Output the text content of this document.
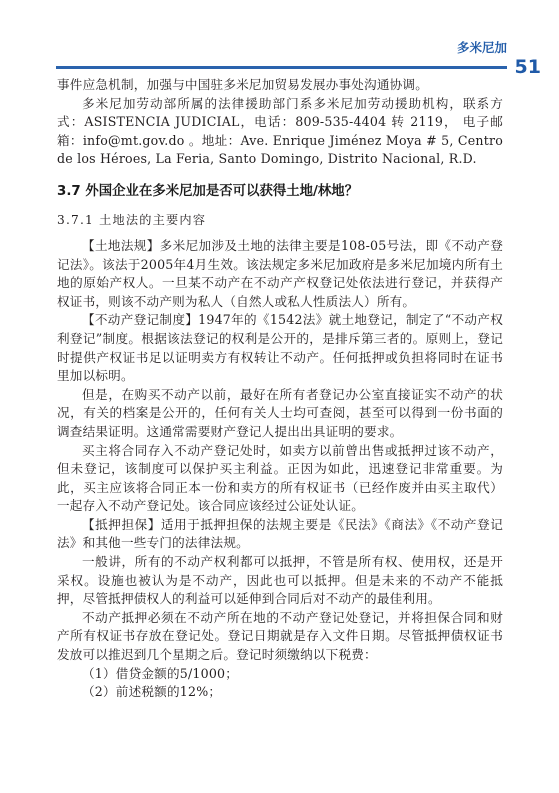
多米尼加
51

事件应急机制，加强与中国驻多米尼加贸易发展办事处沟通协调。

多米尼加劳动部所属的法律援助部门系多米尼加劳动援助机构，联系方式：ASISTENCIA JUDICIAL，电话：809-535-4404 转 2119， 电子邮箱：info@mt.gov.do 。地址：Ave. Enrique Jiménez Moya # 5, Centro de los Héroes, La Feria, Santo Domingo, Distrito Nacional, R.D.

3.7 外国企业在多米尼加是否可以获得土地/林地？
3.7.1 土地法的主要内容

【土地法规】多米尼加涉及土地的法律主要是108-05号法，即《不动产登记法》。该法于2005年4月生效。该法规定多米尼加政府是多米尼加境内所有土地的原始产权人。一旦某不动产在不动产产权登记处依法进行登记，并获得产权证书，则该不动产则为私人（自然人或私人性质法人）所有。

【不动产登记制度】1947年的《1542法》就土地登记，制定了“不动产权利登记”制度。根据该法登记的权利是公开的，是排斥第三者的。原则上，登记时提供产权证书足以证明卖方有权转让不动产。任何抵押或负担将同时在证书里加以标明。

但是，在购买不动产以前，最好在所有者登记办公室直接证实不动产的状况，有关的档案是公开的，任何有关人士均可查阅，甚至可以得到一份书面的调查结果证明。这通常需要财产登记人提出出具证明的要求。

买主将合同存入不动产登记处时，如卖方以前曾出售或抵押过该不动产，但未登记，该制度可以保护买主利益。正因为如此，迅速登记非常重要。为此，买主应该将合同正本一份和卖方的所有权证书（已经作废并由买主取代）一起存入不动产登记处。该合同应该经过公证处认证。

【抵押担保】适用于抵押担保的法规主要是《民法》《商法》《不动产登记法》和其他一些专门的法律法规。

一般讲，所有的不动产权利都可以抵押，不管是所有权、使用权，还是开采权。设施也被认为是不动产，因此也可以抵押。但是未来的不动产不能抵押，尽管抵押债权人的利益可以延伸到合同后对不动产的最佳利用。

不动产抵押必须在不动产所在地的不动产登记处登记，并将担保合同和财产所有权证书存放在登记处。登记日期就是存入文件日期。尽管抵押债权证书发放可以推迟到几个星期之后。登记时须缴纳以下税费：

（1）借贷金额的5/1000；

（2）前述税额的12%；
